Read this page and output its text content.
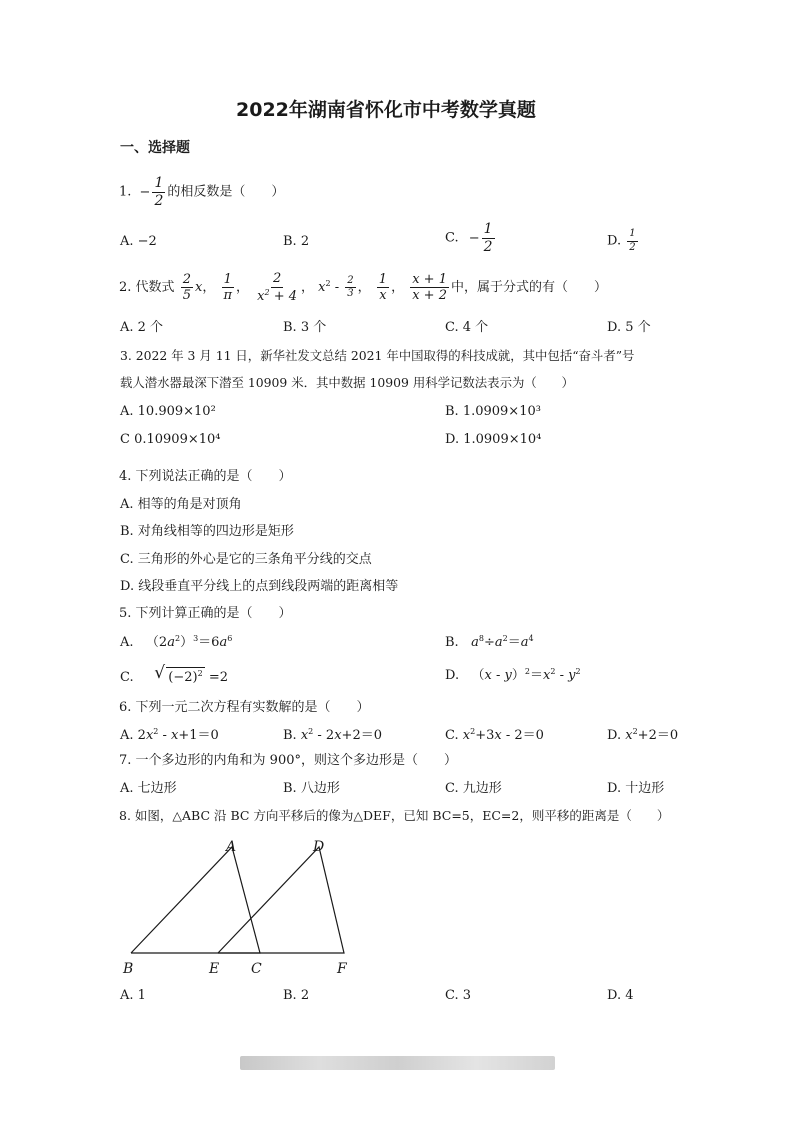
2022年湖南省怀化市中考数学真题
一、选择题
1. − $\frac{1}{2}$ 的相反数是（　　）
A. −2	B. 2	C. − $\frac{1}{2}$	D. $\frac{1}{2}$
2. 代数式 $\frac{2}{5}$ x， $\frac{1}{\pi}$ ， $\frac{2}{x^2 + 4}$ ， $x^2 - \frac{2}{3}$ ， $\frac{1}{x}$ ， $\frac{x + 1}{x + 2}$ 中，属于分式的有（　　）
A. 2 个	B. 3 个	C. 4 个	D. 5 个
3. 2022 年 3 月 11 日，新华社发文总结 2021 年中国取得的科技成就，其中包括“奋斗者”号
载人潜水器最深下潜至 10909 米．其中数据 10909 用科学记数法表示为（　　）
A. 10.909×10²	B. 1.0909×10³
C 0.10909×10⁴	D. 1.0909×10⁴
4. 下列说法正确的是（　　）
A. 相等的角是对顶角
B. 对角线相等的四边形是矩形
C. 三角形的外心是它的三条角平分线的交点
D. 线段垂直平分线上的点到线段两端的距离相等
5. 下列计算正确的是（　　）
A.   $(2a^2)^3=6a^6$	B.   $a^8\div a^2=a^4$
C. √ $(-2)^2 =2$	D.   $(x - y)^2=x^2 - y^2$
6. 下列一元二次方程有实数解的是（　　）
A. $2x^2 - x+1=0$	B. $x^2 - 2x+2=0$	C. $x^2+3x - 2=0$	D. $x^2+2=0$
7. 一个多边形的内角和为 900°，则这个多边形是（　　）
A. 七边形	B. 八边形	C. 九边形	D. 十边形
8. 如图，△ABC 沿 BC 方向平移后的像为△DEF，已知 BC=5，EC=2，则平移的距离是（　　）
A	D
B	E C	F
A. 1	B. 2	C. 3	D. 4
